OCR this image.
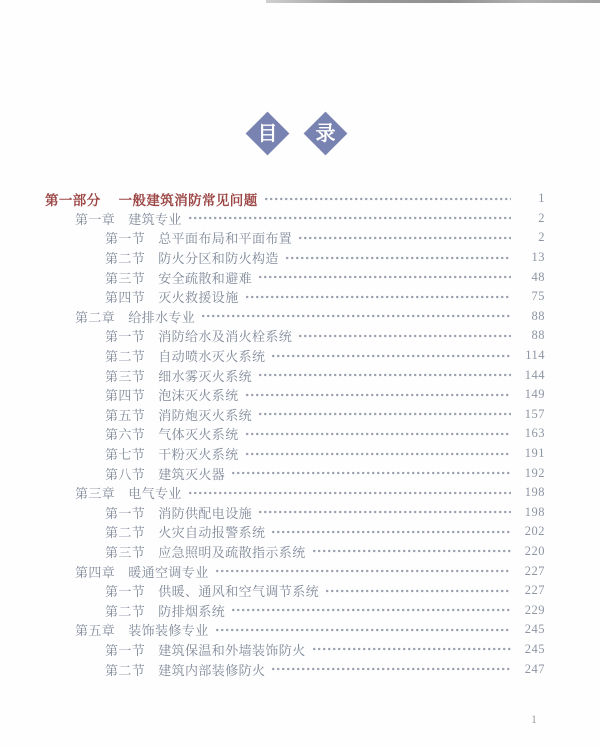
目 录
第一部分 一般建筑消防常见问题	1
第一章 建筑专业	2
第一节 总平面布局和平面布置	2
第二节 防火分区和防火构造	13
第三节 安全疏散和避难	48
第四节 灭火救援设施	75
第二章 给排水专业	88
第一节 消防给水及消火栓系统	88
第二节 自动喷水灭火系统	114
第三节 细水雾灭火系统	144
第四节 泡沫灭火系统	149
第五节 消防炮灭火系统	157
第六节 气体灭火系统	163
第七节 干粉灭火系统	191
第八节 建筑灭火器	192
第三章 电气专业	198
第一节 消防供配电设施	198
第二节 火灾自动报警系统	202
第三节 应急照明及疏散指示系统	220
第四章 暖通空调专业	227
第一节 供暖、通风和空气调节系统	227
第二节 防排烟系统	229
第五章 装饰装修专业	245
第一节 建筑保温和外墙装饰防火	245
第二节 建筑内部装修防火	247
1
